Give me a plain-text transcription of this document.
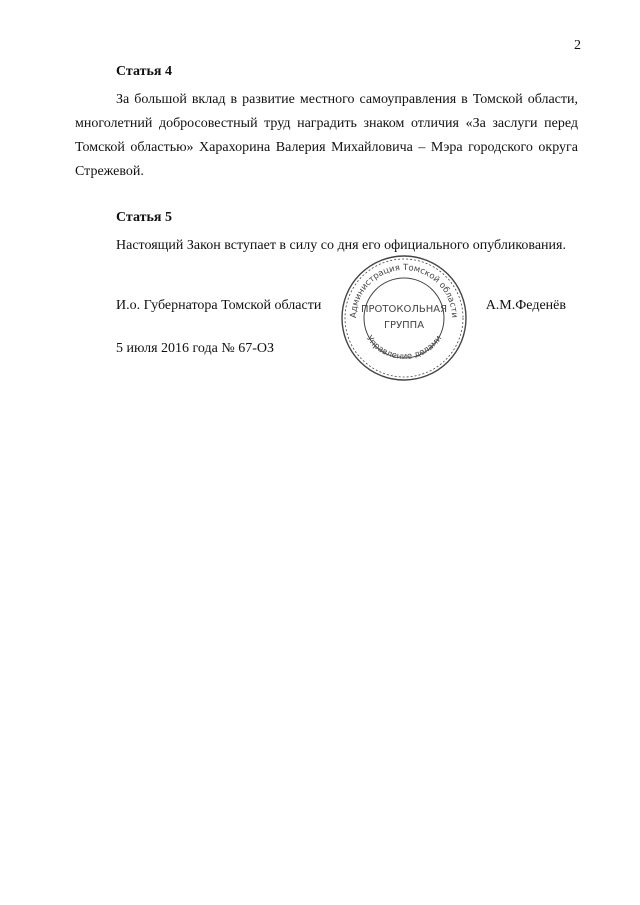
2

Статья 4

За большой вклад в развитие местного самоуправления в Томской области, многолетний добросовестный труд наградить знаком отличия «За заслуги перед Томской областью» Харахорина Валерия Михайловича – Мэра городского округа Стрежевой.

Статья 5

Настоящий Закон вступает в силу со дня его официального опубликования.

И.о. Губернатора Томской области	А.М.Феденёв
5 июля 2016 года № 67-ОЗ
Администрация Томской области
Управление делами
ПРОТОКОЛЬНАЯ
ГРУППА
